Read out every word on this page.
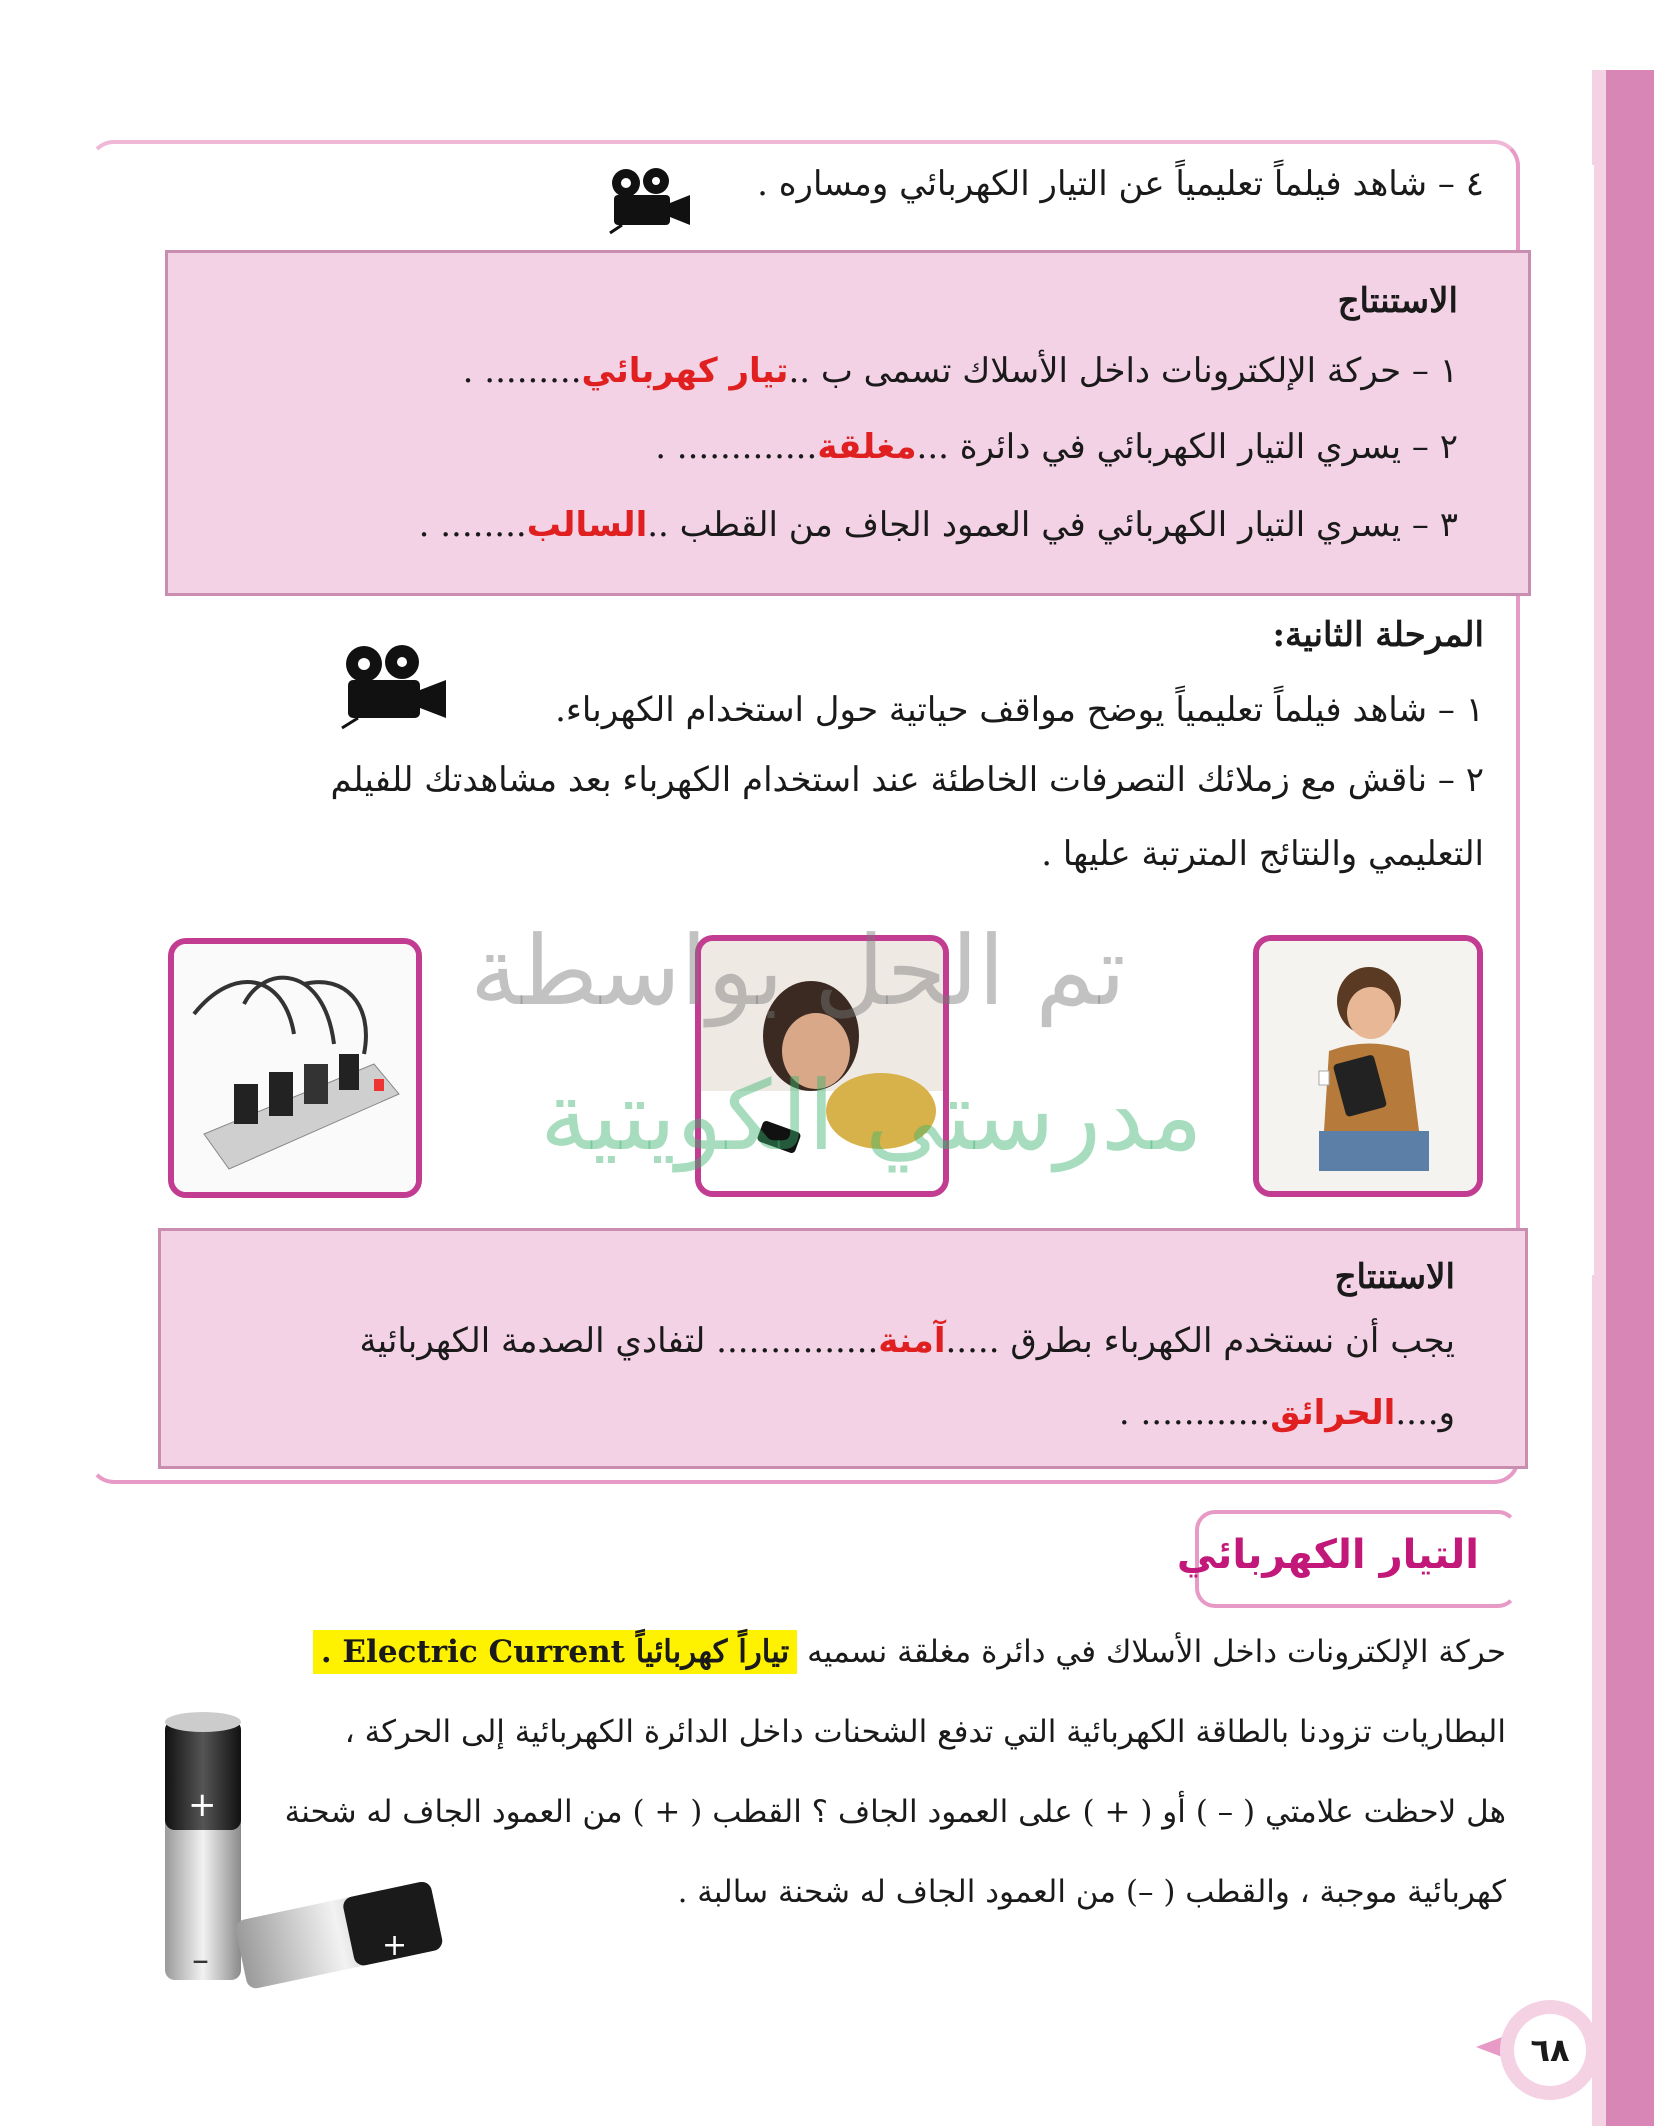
٤ – شاهد فيلماً تعليمياً عن التيار الكهربائي ومساره .
الاستنتاج
١ – حركة الإلكترونات داخل الأسلاك تسمى ب ..تيار كهربائي......... .
٢ – يسري التيار الكهربائي في دائرة ...مغلقة............. .
٣ – يسري التيار الكهربائي في العمود الجاف من القطب ..السالب........ .
المرحلة الثانية:
١ – شاهد فيلماً تعليمياً يوضح مواقف حياتية حول استخدام الكهرباء.
٢ – ناقش مع زملائك التصرفات الخاطئة عند استخدام الكهرباء بعد مشاهدتك للفيلم
التعليمي والنتائج المترتبة عليها .
تم الحل بواسطة
مدرستي الكويتية
الاستنتاج
يجب أن نستخدم الكهرباء بطرق .....آمنة............... لتفادي الصدمة الكهربائية
و....الحرائق............ .
التيار الكهربائي
حركة الإلكترونات داخل الأسلاك في دائرة مغلقة نسميه تياراً كهربائياً Electric Current .
البطاريات تزودنا بالطاقة الكهربائية التي تدفع الشحنات داخل الدائرة الكهربائية إلى الحركة ،
هل لاحظت علامتي ( – ) أو ( + ) على العمود الجاف ؟ القطب ( + ) من العمود الجاف له شحنة
كهربائية موجبة ، والقطب ( –) من العمود الجاف له شحنة سالبة .
+
–	+
٦٨
